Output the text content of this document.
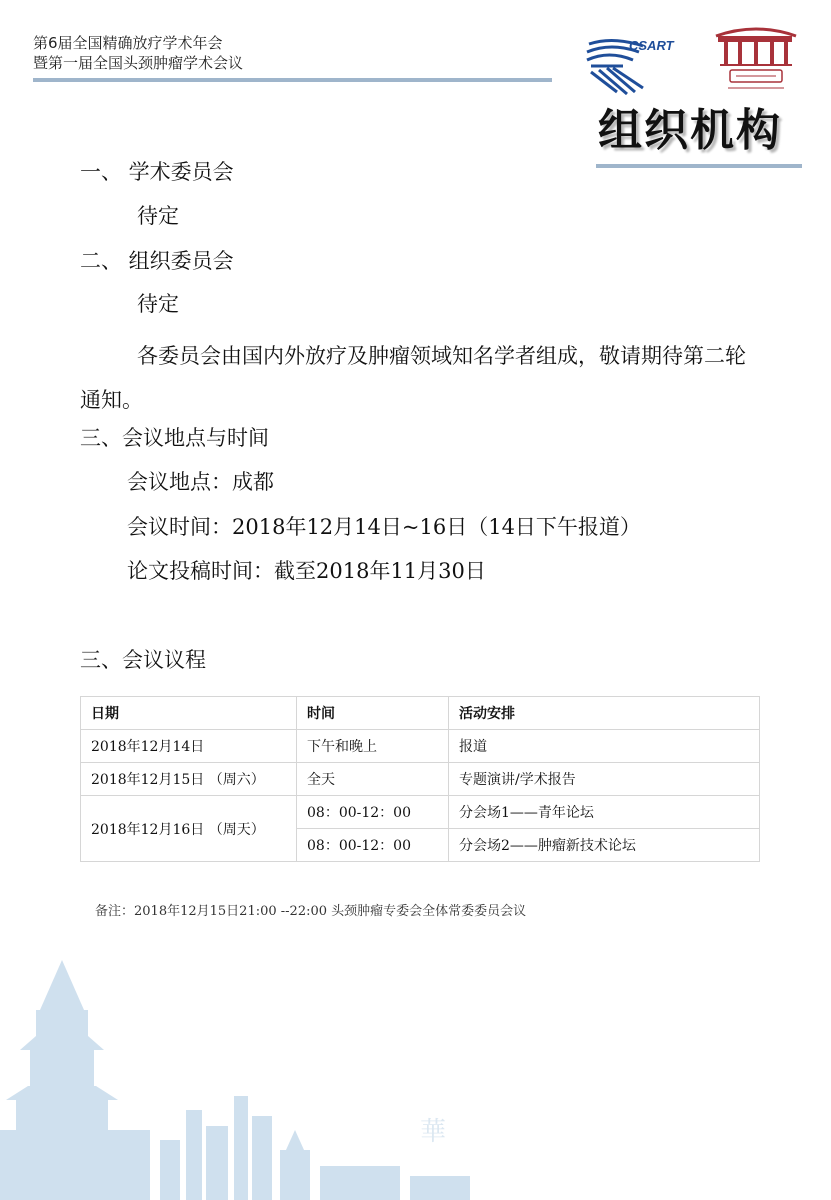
第6届全国精确放疗学术年会
暨第一届全国头颈肿瘤学术会议
CSART
组织机构
一、 学术委员会
待定
二、 组织委员会
待定
各委员会由国内外放疗及肿瘤领域知名学者组成，敬请期待第二轮通知。
三、会议地点与时间
会议地点：成都
会议时间：2018年12月14日~16日（14日下午报道）
论文投稿时间：截至2018年11月30日
三、会议议程
日期	时间	活动安排
2018年12月14日	下午和晚上	报道
2018年12月15日 （周六）	全天	专题演讲/学术报告
2018年12月16日 （周天）	08：00-12：00	分会场1——青年论坛
	08：00-12：00	分会场2——肿瘤新技术论坛
备注：2018年12月15日21:00 --22:00 头颈肿瘤专委会全体常委委员会议
華
